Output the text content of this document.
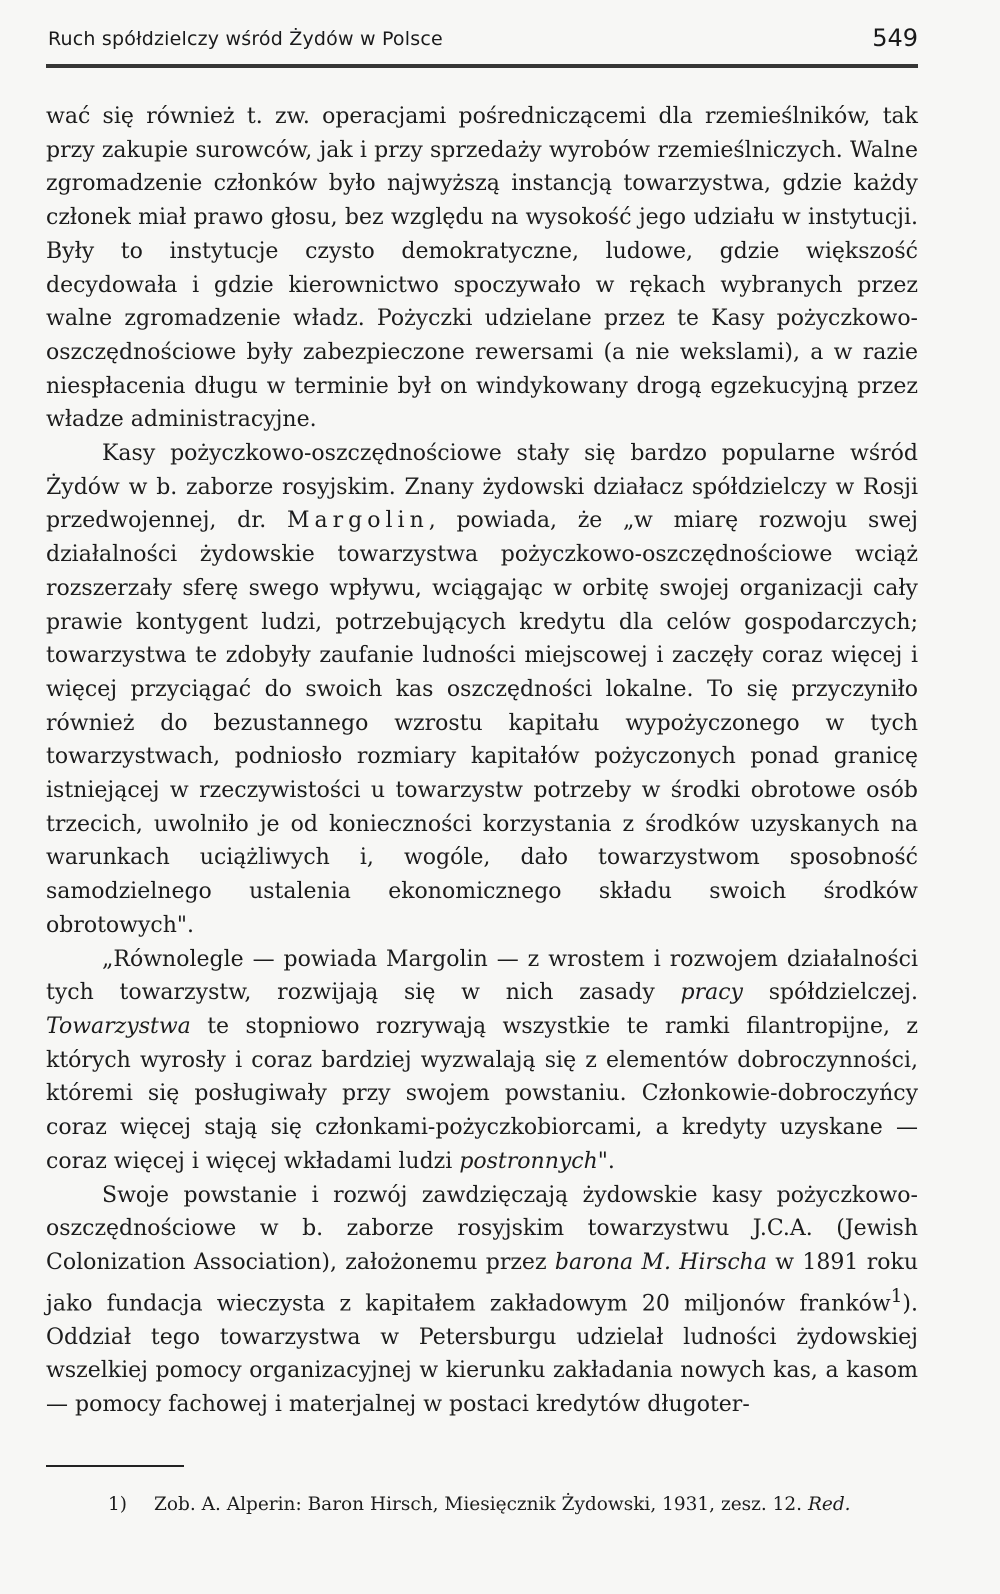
Ruch spółdzielczy wśród Żydów w Polsce	549

wać się również t. zw. operacjami pośredniczącemi dla rzemieślników, tak przy zakupie surowców, jak i przy sprzedaży wyrobów rzemieślniczych. Walne zgromadzenie członków było najwyższą instancją towarzystwa, gdzie każdy członek miał prawo głosu, bez względu na wysokość jego udziału w instytucji. Były to instytucje czysto demokratyczne, ludowe, gdzie większość decydowała i gdzie kierownictwo spoczywało w rękach wybranych przez walne zgromadzenie władz. Pożyczki udzielane przez te Kasy pożyczkowo-oszczędnościowe były zabezpieczone rewersami (a nie wekslami), a w razie niespłacenia długu w terminie był on windykowany drogą egzekucyjną przez władze administracyjne.

Kasy pożyczkowo-oszczędnościowe stały się bardzo popularne wśród Żydów w b. zaborze rosyjskim. Znany żydowski działacz spółdzielczy w Rosji przedwojennej, dr. Margolin, powiada, że „w miarę rozwoju swej działalności żydowskie towarzystwa pożyczkowo-oszczędnościowe wciąż rozszerzały sferę swego wpływu, wciągając w orbitę swojej organizacji cały prawie kontygent ludzi, potrzebujących kredytu dla celów gospodarczych; towarzystwa te zdobyły zaufanie ludności miejscowej i zaczęły coraz więcej i więcej przyciągać do swoich kas oszczędności lokalne. To się przyczyniło również do bezustannego wzrostu kapitału wypożyczonego w tych towarzystwach, podniosło rozmiary kapitałów pożyczonych ponad granicę istniejącej w rzeczywistości u towarzystw potrzeby w środki obrotowe osób trzecich, uwolniło je od konieczności korzystania z środków uzyskanych na warunkach uciążliwych i, wogóle, dało towarzystwom sposobność samodzielnego ustalenia ekonomicznego składu swoich środków obrotowych".

„Równolegle — powiada Margolin — z wrostem i rozwojem działalności tych towarzystw, rozwijają się w nich zasady pracy spółdzielczej. Towarzystwa te stopniowo rozrywają wszystkie te ramki filantropijne, z których wyrosły i coraz bardziej wyzwalają się z elementów dobroczynności, któremi się posługiwały przy swojem powstaniu. Członkowie-dobroczyńcy coraz więcej stają się członkami-pożyczkobiorcami, a kredyty uzyskane — coraz więcej i więcej wkładami ludzi postronnych".

Swoje powstanie i rozwój zawdzięczają żydowskie kasy pożyczkowo-oszczędnościowe w b. zaborze rosyjskim towarzystwu J.C.A. (Jewish Colonization Association), założonemu przez barona M. Hirscha w 1891 roku jako fundacja wieczysta z kapitałem zakładowym 20 miljonów franków$^1$). Oddział tego towarzystwa w Petersburgu udzielał ludności żydowskiej wszelkiej pomocy organizacyjnej w kierunku zakładania nowych kas, a kasom — pomocy fachowej i materjalnej w postaci kredytów długoter-

1) Zob. A. Alperin: Baron Hirsch, Miesięcznik Żydowski, 1931, zesz. 12. Red.
